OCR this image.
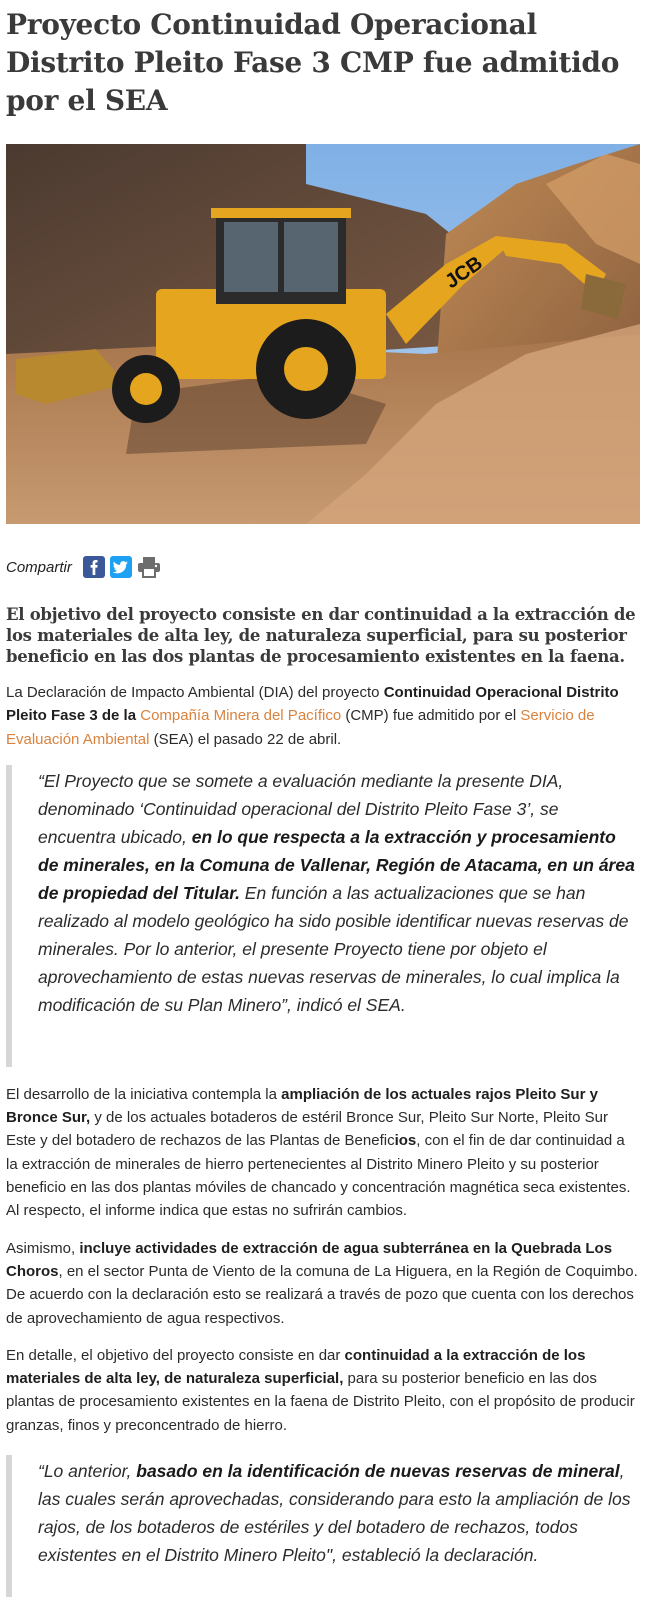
Proyecto Continuidad Operacional Distrito Pleito Fase 3 CMP fue admitido por el SEA
JCB
Compartir

El objetivo del proyecto consiste en dar continuidad a la extracción de los materiales de alta ley, de naturaleza superficial, para su posterior beneficio en las dos plantas de procesamiento existentes en la faena.

La Declaración de Impacto Ambiental (DIA) del proyecto Continuidad Operacional Distrito Pleito Fase 3 de la Compañía Minera del Pacífico (CMP) fue admitido por el Servicio de Evaluación Ambiental (SEA) el pasado 22 de abril.

“El Proyecto que se somete a evaluación mediante la presente DIA, denominado ‘Continuidad operacional del Distrito Pleito Fase 3’, se encuentra ubicado, en lo que respecta a la extracción y procesamiento de minerales, en la Comuna de Vallenar, Región de Atacama, en un área de propiedad del Titular. En función a las actualizaciones que se han realizado al modelo geológico ha sido posible identificar nuevas reservas de minerales. Por lo anterior, el presente Proyecto tiene por objeto el aprovechamiento de estas nuevas reservas de minerales, lo cual implica la modificación de su Plan Minero”, indicó el SEA.

El desarrollo de la iniciativa contempla la ampliación de los actuales rajos Pleito Sur y Bronce Sur, y de los actuales botaderos de estéril Bronce Sur, Pleito Sur Norte, Pleito Sur Este y del botadero de rechazos de las Plantas de Beneficios, con el fin de dar continuidad a la extracción de minerales de hierro pertenecientes al Distrito Minero Pleito y su posterior beneficio en las dos plantas móviles de chancado y concentración magnética seca existentes. Al respecto, el informe indica que estas no sufrirán cambios.

Asimismo, incluye actividades de extracción de agua subterránea en la Quebrada Los Choros, en el sector Punta de Viento de la comuna de La Higuera, en la Región de Coquimbo. De acuerdo con la declaración esto se realizará a través de pozo que cuenta con los derechos de aprovechamiento de agua respectivos.

En detalle, el objetivo del proyecto consiste en dar continuidad a la extracción de los materiales de alta ley, de naturaleza superficial, para su posterior beneficio en las dos plantas de procesamiento existentes en la faena de Distrito Pleito, con el propósito de producir granzas, finos y preconcentrado de hierro.

“Lo anterior, basado en la identificación de nuevas reservas de mineral, las cuales serán aprovechadas, considerando para esto la ampliación de los rajos, de los botaderos de estériles y del botadero de rechazos, todos existentes en el Distrito Minero Pleito", estableció la declaración.
